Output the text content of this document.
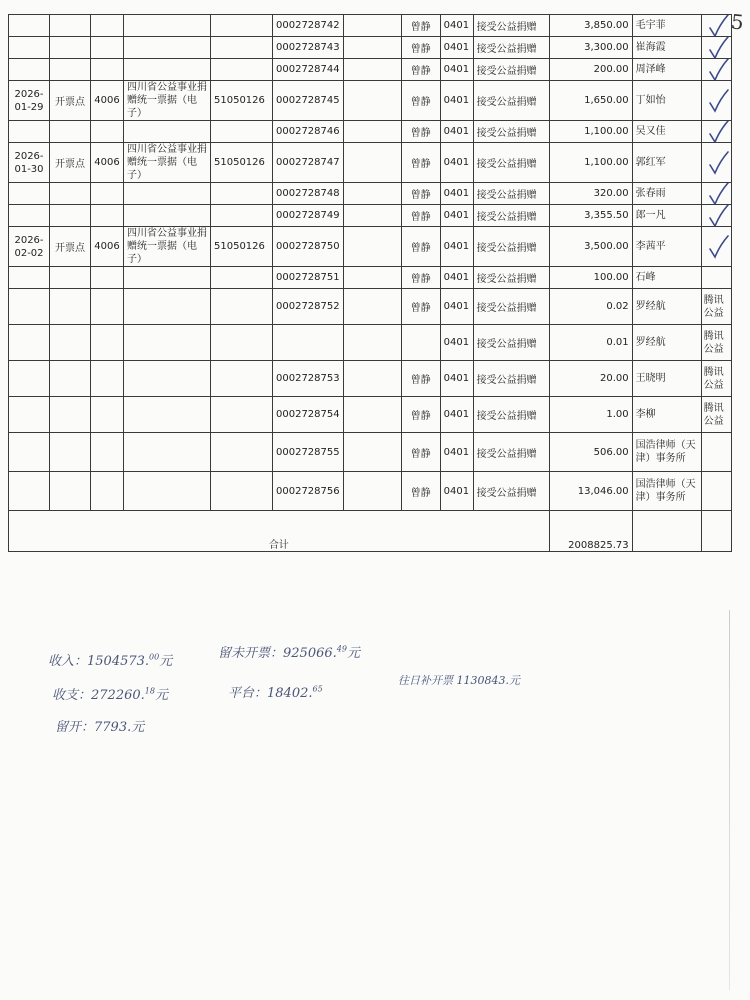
5
					0002728742		曾静	0401	接受公益捐赠	3,850.00	毛宇菲	

					0002728743		曾静	0401	接受公益捐赠	3,300.00	崔海霞	

					0002728744		曾静	0401	接受公益捐赠	200.00	周泽峰	

2026-01-29	开票点	4006	四川省公益事业捐赠统一票据（电子）	51050126	0002728745		曾静	0401	接受公益捐赠	1,650.00	丁如怡	

					0002728746		曾静	0401	接受公益捐赠	1,100.00	吴又佳	

2026-01-30	开票点	4006	四川省公益事业捐赠统一票据（电子）	51050126	0002728747		曾静	0401	接受公益捐赠	1,100.00	郭红军	

					0002728748		曾静	0401	接受公益捐赠	320.00	张春雨	

					0002728749		曾静	0401	接受公益捐赠	3,355.50	郎一凡	

2026-02-02	开票点	4006	四川省公益事业捐赠统一票据（电子）	51050126	0002728750		曾静	0401	接受公益捐赠	3,500.00	李茜平	

					0002728751		曾静	0401	接受公益捐赠	100.00	石峰	
					0002728752		曾静	0401	接受公益捐赠	0.02	罗经航	腾讯公益
								0401	接受公益捐赠	0.01	罗经航	腾讯公益
					0002728753		曾静	0401	接受公益捐赠	20.00	王晓明	腾讯公益
					0002728754		曾静	0401	接受公益捐赠	1.00	李柳	腾讯公益
					0002728755		曾静	0401	接受公益捐赠	506.00	国浩律师（天津）事务所	
					0002728756		曾静	0401	接受公益捐赠	13,046.00	国浩律师（天津）事务所	
合计										2008825.73		
收入：1504573.00元
留未开票：925066.49元
收支：272260.18元	平台：18402.65
往日补开票 1130843.元
留开：7793.元
